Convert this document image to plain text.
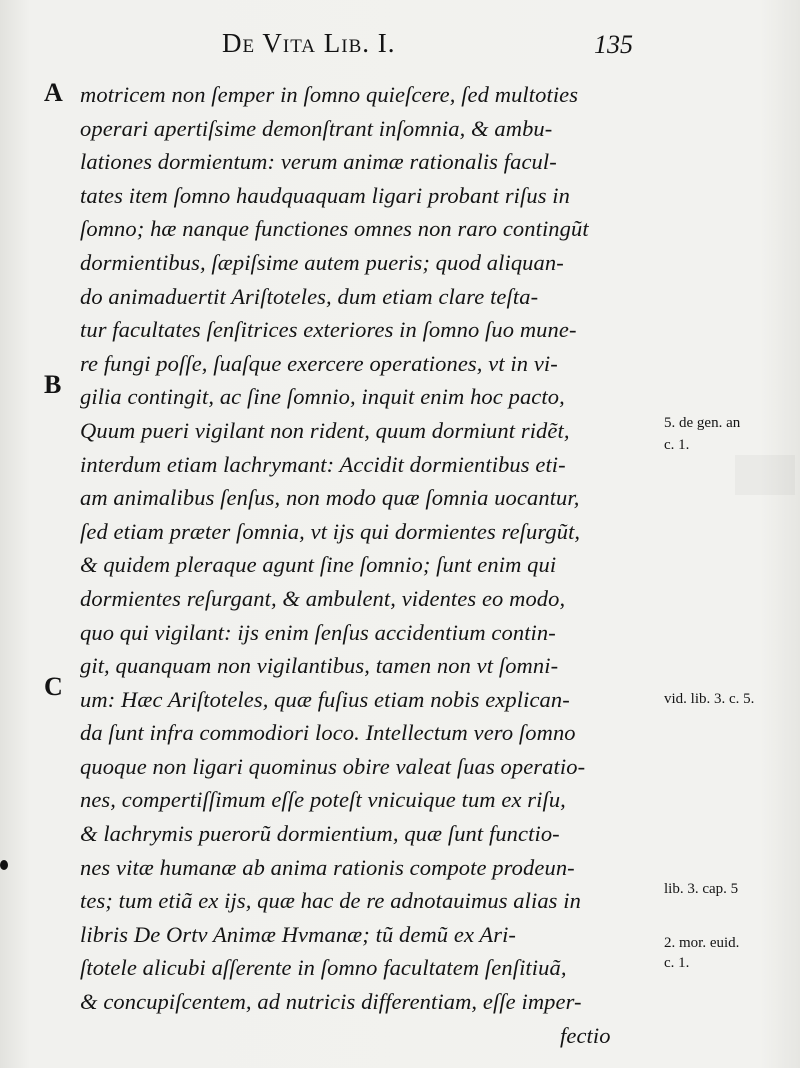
De Vita Lib. I.	135
A
B
C
motricem non ſemper in ſomno quieſcere, ſed multoties
operari apertiſsime demonſtrant inſomnia, & ambu-
lationes dormientum: verum animæ rationalis facul-
tates item ſomno haudquaquam ligari probant riſus in
ſomno; hæ nanque functiones omnes non raro contingũt
dormientibus, ſæpiſsime autem pueris; quod aliquan-
do animaduertit Ariſtoteles, dum etiam clare teſta-
tur facultates ſenſitrices exteriores in ſomno ſuo mune-
re fungi poſſe, ſuaſque exercere operationes, vt in vi-
gilia contingit, ac ſine ſomnio, inquit enim hoc pacto,
Quum pueri vigilant non rident, quum dormiunt ridẽt,
interdum etiam lachrymant: Accidit dormientibus eti-
am animalibus ſenſus, non modo quæ ſomnia uocantur,
ſed etiam præter ſomnia, vt ijs qui dormientes reſurgũt,
& quidem pleraque agunt ſine ſomnio; ſunt enim qui
dormientes reſurgant, & ambulent, videntes eo modo,
quo qui vigilant: ijs enim ſenſus accidentium contin-
git, quanquam non vigilantibus, tamen non vt ſomni-
um: Hæc Ariſtoteles, quæ fuſius etiam nobis explican-
da ſunt infra commodiori loco. Intellectum vero ſomno
quoque non ligari quominus obire valeat ſuas operatio-
nes, compertiſſimum eſſe poteſt vnicuique tum ex riſu,
& lachrymis puerorũ dormientium, quæ ſunt functio-
nes vitæ humanæ ab anima rationis compote prodeun-
tes; tum etiã ex ijs, quæ hac de re adnotauimus alias in
libris De Ortv Animæ Hvmanæ; tũ demũ ex Ari-
ſtotele alicubi aſſerente in ſomno facultatem ſenſitiuã,
& concupiſcentem, ad nutricis differentiam, eſſe imper-
fectio
5. de gen. an
c. 1.
vid. lib. 3. c. 5.
lib. 3. cap. 5
2. mor. euid.
c. 1.
